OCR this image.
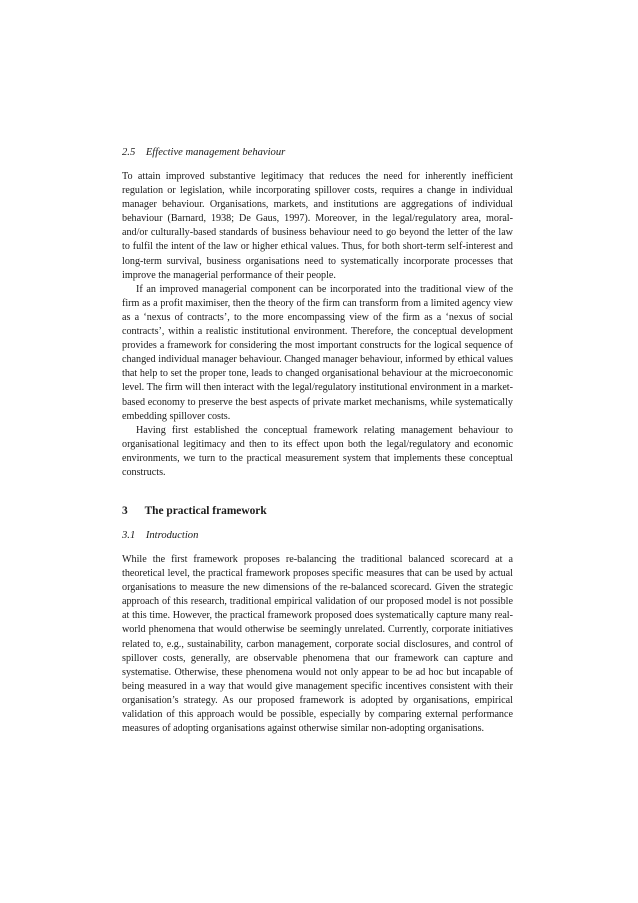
2.5    Effective management behaviour

To attain improved substantive legitimacy that reduces the need for inherently inefficient regulation or legislation, while incorporating spillover costs, requires a change in individual manager behaviour. Organisations, markets, and institutions are aggregations of individual behaviour (Barnard, 1938; De Gaus, 1997). Moreover, in the legal/regulatory area, moral- and/or culturally-based standards of business behaviour need to go beyond the letter of the law to fulfil the intent of the law or higher ethical values. Thus, for both short-term self-interest and long-term survival, business organisations need to systematically incorporate processes that improve the managerial performance of their people.

If an improved managerial component can be incorporated into the traditional view of the firm as a profit maximiser, then the theory of the firm can transform from a limited agency view as a ‘nexus of contracts’, to the more encompassing view of the firm as a ‘nexus of social contracts’, within a realistic institutional environment. Therefore, the conceptual development provides a framework for considering the most important constructs for the logical sequence of changed individual manager behaviour. Changed manager behaviour, informed by ethical values that help to set the proper tone, leads to changed organisational behaviour at the microeconomic level. The firm will then interact with the legal/regulatory institutional environment in a market-based economy to preserve the best aspects of private market mechanisms, while systematically embedding spillover costs.

Having first established the conceptual framework relating management behaviour to organisational legitimacy and then to its effect upon both the legal/regulatory and economic environments, we turn to the practical measurement system that implements these conceptual constructs.

3      The practical framework
3.1    Introduction

While the first framework proposes re-balancing the traditional balanced scorecard at a theoretical level, the practical framework proposes specific measures that can be used by actual organisations to measure the new dimensions of the re-balanced scorecard. Given the strategic approach of this research, traditional empirical validation of our proposed model is not possible at this time. However, the practical framework proposed does systematically capture many real-world phenomena that would otherwise be seemingly unrelated. Currently, corporate initiatives related to, e.g., sustainability, carbon management, corporate social disclosures, and control of spillover costs, generally, are observable phenomena that our framework can capture and systematise. Otherwise, these phenomena would not only appear to be ad hoc but incapable of being measured in a way that would give management specific incentives consistent with their organisation’s strategy. As our proposed framework is adopted by organisations, empirical validation of this approach would be possible, especially by comparing external performance measures of adopting organisations against otherwise similar non-adopting organisations.
